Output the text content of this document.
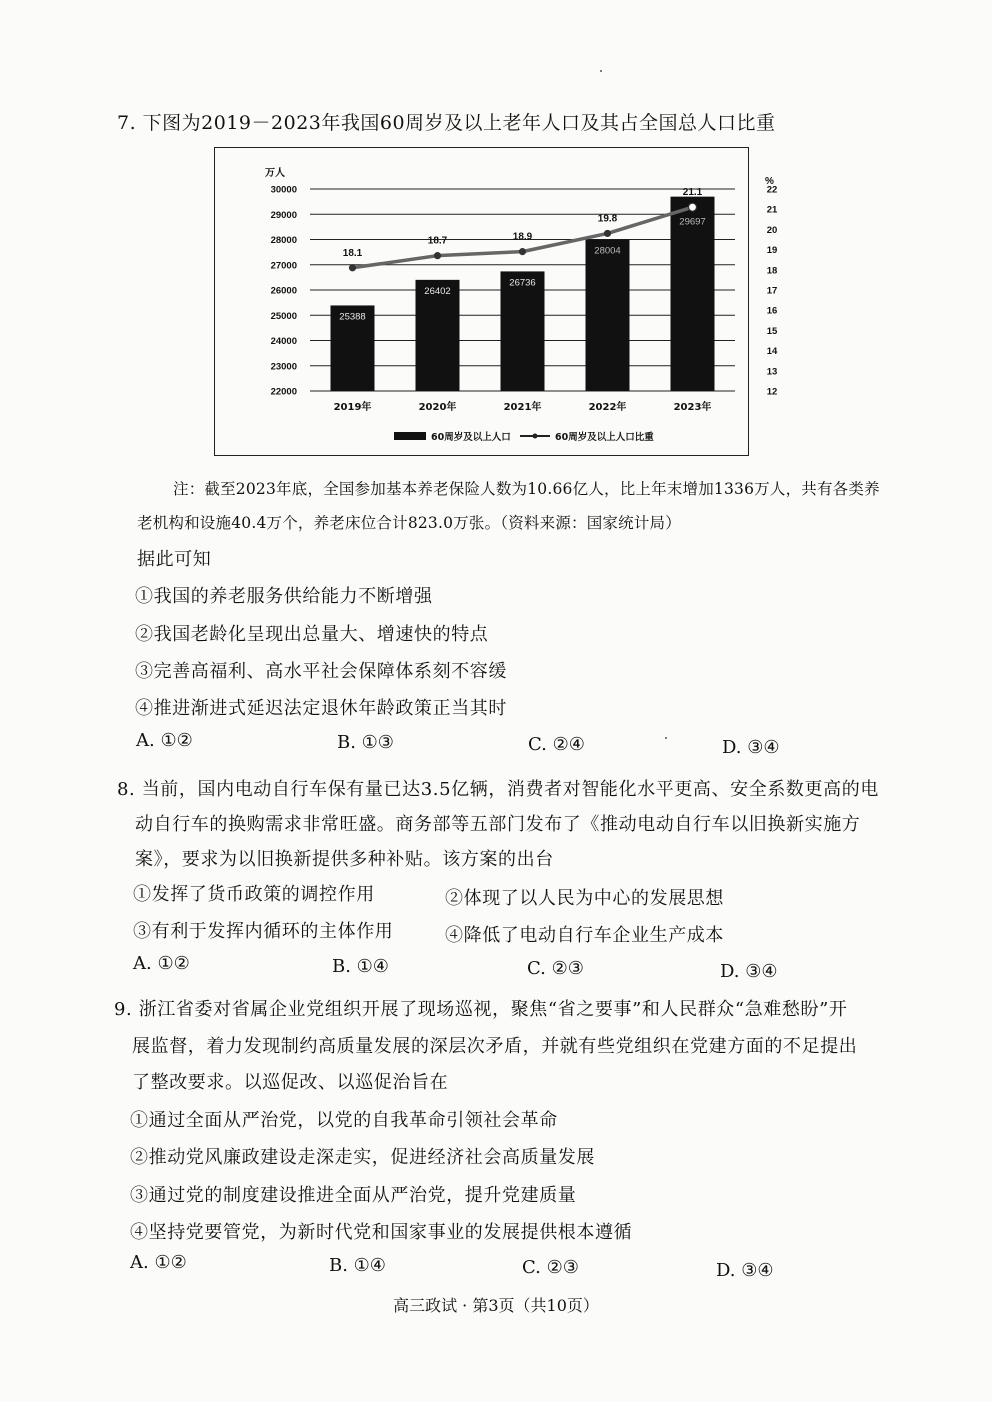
7. 下图为2019－2023年我国60周岁及以上老年人口及其占全国总人口比重
30000
29000
28000
27000
26000
25000
24000
23000
22000
22
21
20
19
18
17
16
15
14
13
12
万人
%
25388
26402
26736
28004
29697
2019年	2020年	2021年	2022年	2023年
18.1
18.7	18.9
19.8
21.1
60周岁及以上人口	60周岁及以上人口比重
注：截至2023年底，全国参加基本养老保险人数为10.66亿人，比上年末增加1336万人，共有各类养
老机构和设施40.4万个，养老床位合计823.0万张。（资料来源：国家统计局）
据此可知
①我国的养老服务供给能力不断增强
②我国老龄化呈现出总量大、增速快的特点
③完善高福利、高水平社会保障体系刻不容缓
④推进渐进式延迟法定退休年龄政策正当其时
A. ①②	B. ①③	C. ②④	D. ③④
8. 当前，国内电动自行车保有量已达3.5亿辆，消费者对智能化水平更高、安全系数更高的电
动自行车的换购需求非常旺盛。商务部等五部门发布了《推动电动自行车以旧换新实施方
案》，要求为以旧换新提供多种补贴。该方案的出台
①发挥了货币政策的调控作用	②体现了以人民为中心的发展思想
③有利于发挥内循环的主体作用	④降低了电动自行车企业生产成本
A. ①②	B. ①④	C. ②③	D. ③④
9. 浙江省委对省属企业党组织开展了现场巡视，聚焦“省之要事”和人民群众“急难愁盼”开
展监督，着力发现制约高质量发展的深层次矛盾，并就有些党组织在党建方面的不足提出
了整改要求。以巡促改、以巡促治旨在
①通过全面从严治党，以党的自我革命引领社会革命
②推动党风廉政建设走深走实，促进经济社会高质量发展
③通过党的制度建设推进全面从严治党，提升党建质量
④坚持党要管党，为新时代党和国家事业的发展提供根本遵循
A. ①②	B. ①④	C. ②③	D. ③④
高三政试 · 第3页（共10页）
